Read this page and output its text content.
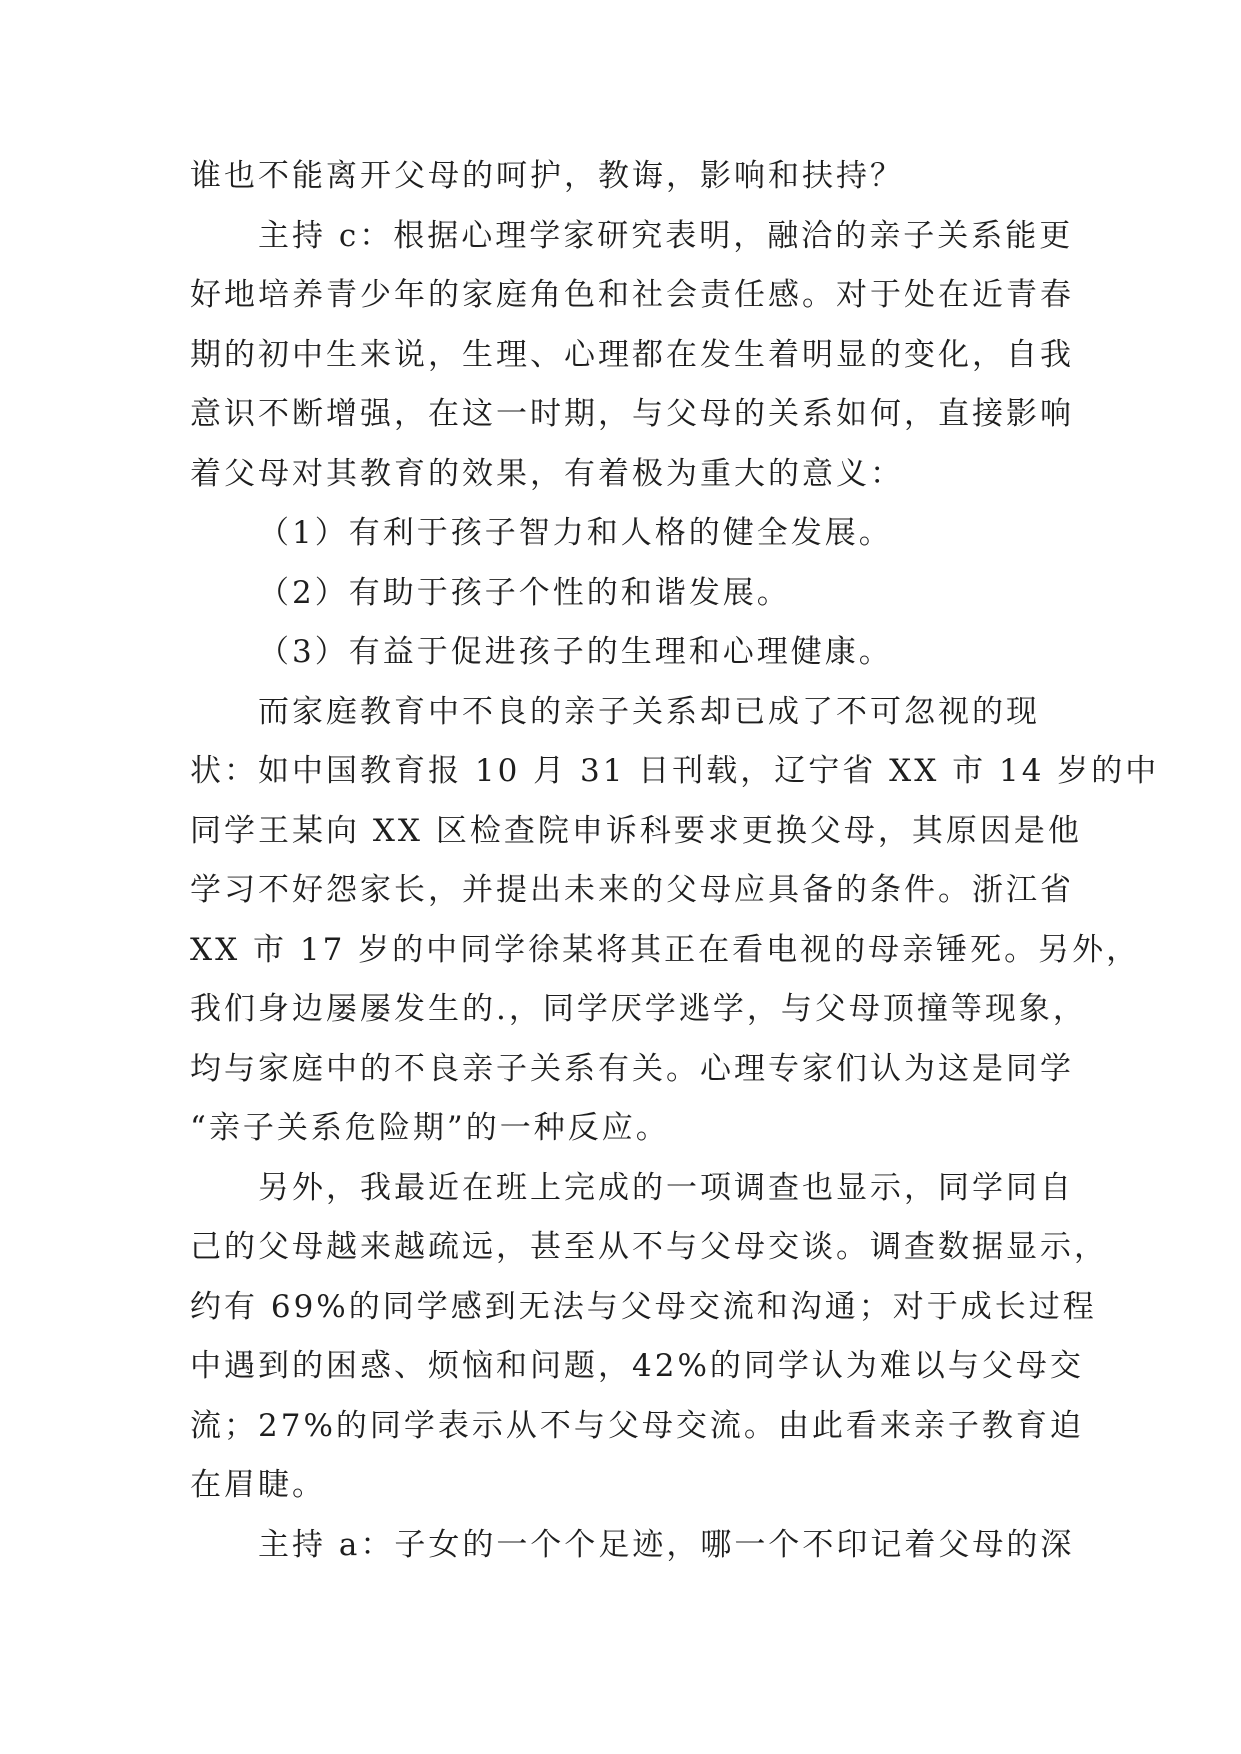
谁也不能离开父母的呵护，教诲，影响和扶持？
主持 c：根据心理学家研究表明，融洽的亲子关系能更
好地培养青少年的家庭角色和社会责任感。对于处在近青春
期的初中生来说，生理、心理都在发生着明显的变化，自我
意识不断增强，在这一时期，与父母的关系如何，直接影响
着父母对其教育的效果，有着极为重大的意义：
（1）有利于孩子智力和人格的健全发展。
（2）有助于孩子个性的和谐发展。
（3）有益于促进孩子的生理和心理健康。
而家庭教育中不良的亲子关系却已成了不可忽视的现
状：如中国教育报 10 月 31 日刊载，辽宁省 XX 市 14 岁的中
同学王某向 XX 区检查院申诉科要求更换父母，其原因是他
学习不好怨家长，并提出未来的父母应具备的条件。浙江省
XX 市 17 岁的中同学徐某将其正在看电视的母亲锤死。另外，
我们身边屡屡发生的.，同学厌学逃学，与父母顶撞等现象，
均与家庭中的不良亲子关系有关。心理专家们认为这是同学
“亲子关系危险期”的一种反应。
另外，我最近在班上完成的一项调查也显示，同学同自
己的父母越来越疏远，甚至从不与父母交谈。调查数据显示，
约有 69%的同学感到无法与父母交流和沟通；对于成长过程
中遇到的困惑、烦恼和问题，42%的同学认为难以与父母交
流；27%的同学表示从不与父母交流。由此看来亲子教育迫
在眉睫。
主持 a：子女的一个个足迹，哪一个不印记着父母的深
